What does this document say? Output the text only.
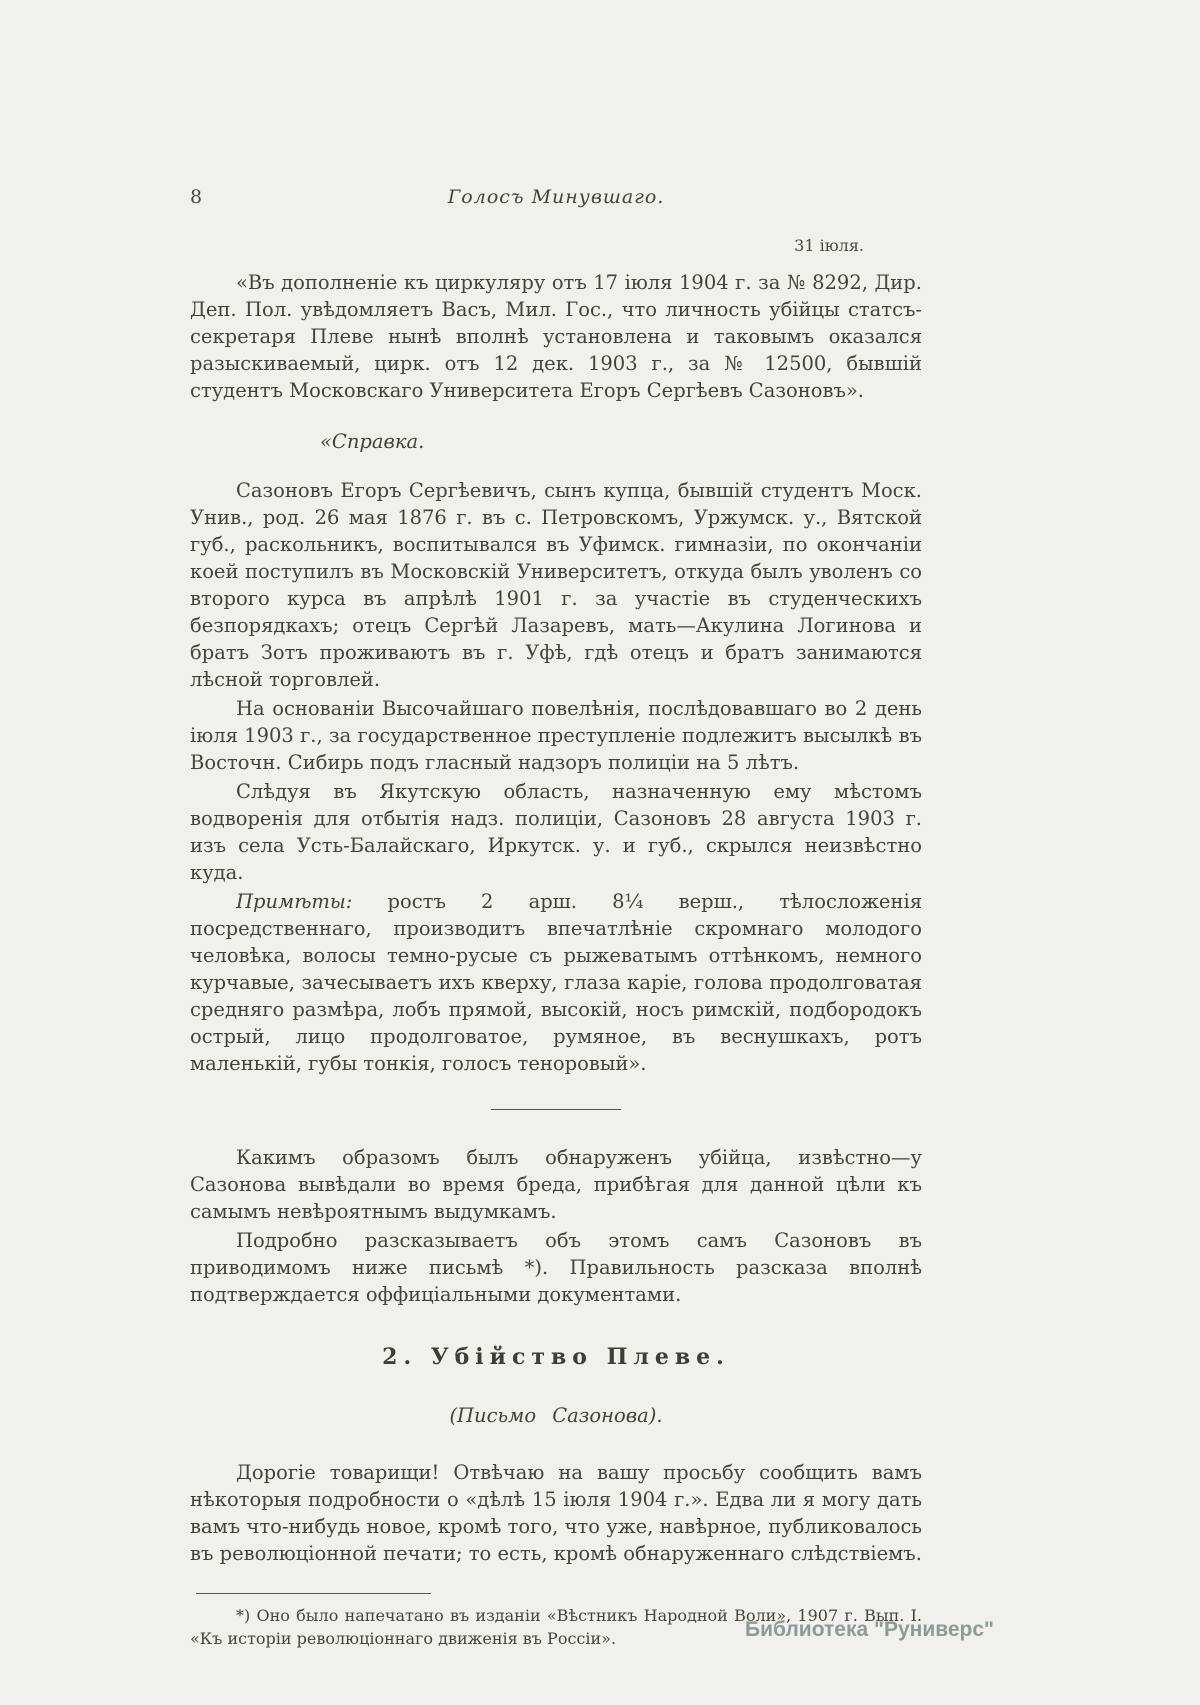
8	Голосъ Минувшаго.
31 іюля.

«Въ дополненіе къ циркуляру отъ 17 іюля 1904 г. за № 8292, Дир. Деп. Пол. увѣдомляетъ Васъ, Мил. Гос., что личность убійцы статсъ-секретаря Плеве нынѣ вполнѣ установлена и таковымъ оказался разыскиваемый, цирк. отъ 12 дек. 1903 г., за № 12500, бывшій студентъ Московскаго Университета Егоръ Сергѣевъ Сазоновъ».

«Справка.

Сазоновъ Егоръ Сергѣевичъ, сынъ купца, бывшій студентъ Моск. Унив., род. 26 мая 1876 г. въ с. Петровскомъ, Уржумск. у., Вятской губ., раскольникъ, воспитывался въ Уфимск. гимназіи, по окончаніи коей поступилъ въ Московскій Университетъ, откуда былъ уволенъ со второго курса въ апрѣлѣ 1901 г. за участіе въ студенческихъ безпорядкахъ; отецъ Сергѣй Лазаревъ, мать—Акулина Логинова и братъ Зотъ проживаютъ въ г. Уфѣ, гдѣ отецъ и братъ занимаются лѣсной торговлей.

На основаніи Высочайшаго повелѣнія, послѣдовавшаго во 2 день іюля 1903 г., за государственное преступленіе подлежитъ высылкѣ въ Восточн. Сибирь подъ гласный надзоръ полиціи на 5 лѣтъ.

Слѣдуя въ Якутскую область, назначенную ему мѣстомъ водворенія для отбытія надз. полиціи, Сазоновъ 28 августа 1903 г. изъ села Усть-Балайскаго, Иркутск. у. и губ., скрылся неизвѣстно куда.

Примѣты: ростъ 2 арш. 8¼ верш., тѣлосложенія посредственнаго, производитъ впечатлѣніе скромнаго молодого человѣка, волосы темно-русые съ рыжеватымъ оттѣнкомъ, немного курчавые, зачесываетъ ихъ кверху, глаза каріе, голова продолговатая средняго размѣра, лобъ прямой, высокій, носъ римскій, подбородокъ острый, лицо продолговатое, румяное, въ веснушкахъ, ротъ маленькій, губы тонкія, голосъ теноровый».

Какимъ образомъ былъ обнаруженъ убійца, извѣстно—у Сазонова вывѣдали во время бреда, прибѣгая для данной цѣли къ самымъ невѣроятнымъ выдумкамъ.

Подробно разсказываетъ объ этомъ самъ Сазоновъ въ приводимомъ ниже письмѣ *). Правильность разсказа вполнѣ подтверждается оффиціальными документами.

2. Убійство Плеве.
(Письмо Сазонова).

Дорогіе товарищи! Отвѣчаю на вашу просьбу сообщить вамъ нѣкоторыя подробности о «дѣлѣ 15 іюля 1904 г.». Едва ли я могу дать вамъ что-нибудь новое, кромѣ того, что уже, навѣрное, публиковалось въ революціонной печати; то есть, кромѣ обнаруженнаго слѣдствіемъ.

*) Оно было напечатано въ изданіи «Вѣстникъ Народной Воли», 1907 г. Вып. I. «Къ исторіи революціоннаго движенія въ Россіи».	Библиотека "Руниверс"
